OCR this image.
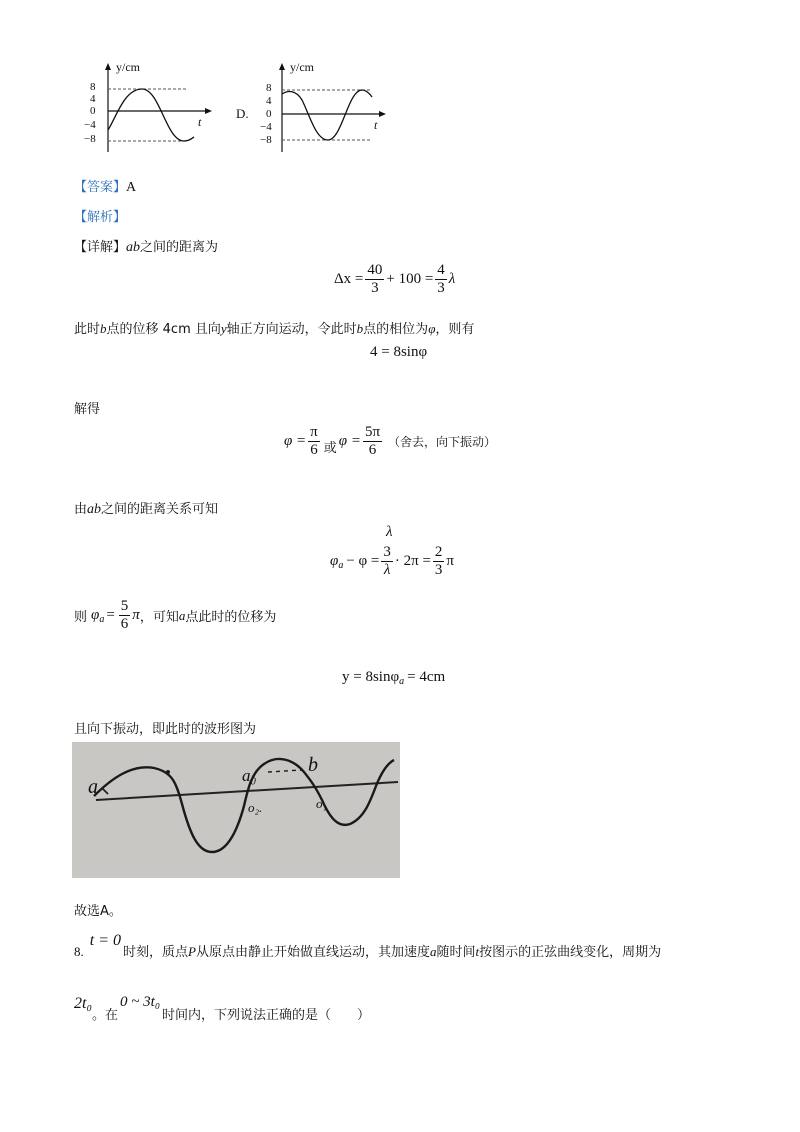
y/cm
8
4
0
−4
−8
t
D.
y/cm
8
4
0
−4
−8
t
【答案】A
【解析】
【详解】ab之间的距离为
$\Delta x = \frac{40}{3} + 100 = \frac{4}{3}$ λ
此时b点的位移 4cm 且向y轴正方向运动，令此时b点的相位为φ，则有
4 = 8sinφ
解得
$\varphi = \frac{\pi}{6}$ 或 $\varphi = \frac{5\pi}{6}$ （舍去，向下振动）
由ab之间的距离关系可知
λ
φ $a - \varphi = \frac{3}{\lambda} \cdot 2\pi = \frac{2}{3}$ π
则 φ $a = \frac{5}{6}$ π ，可知 a 点此时的位移为
y = 8sinφ a = 4cm
且向下振动，即此时的波形图为
a
a₀	b
o₂.	o₁
故选A。
8.
t = 0
时刻，质点 P 从原点由静止开始做直线运动，其加速度 a 随时间 t 按图示的正弦曲线变化，周期为
2t₀
。在
0 ~ 3t₀
时间内，下列说法正确的是（　　）
